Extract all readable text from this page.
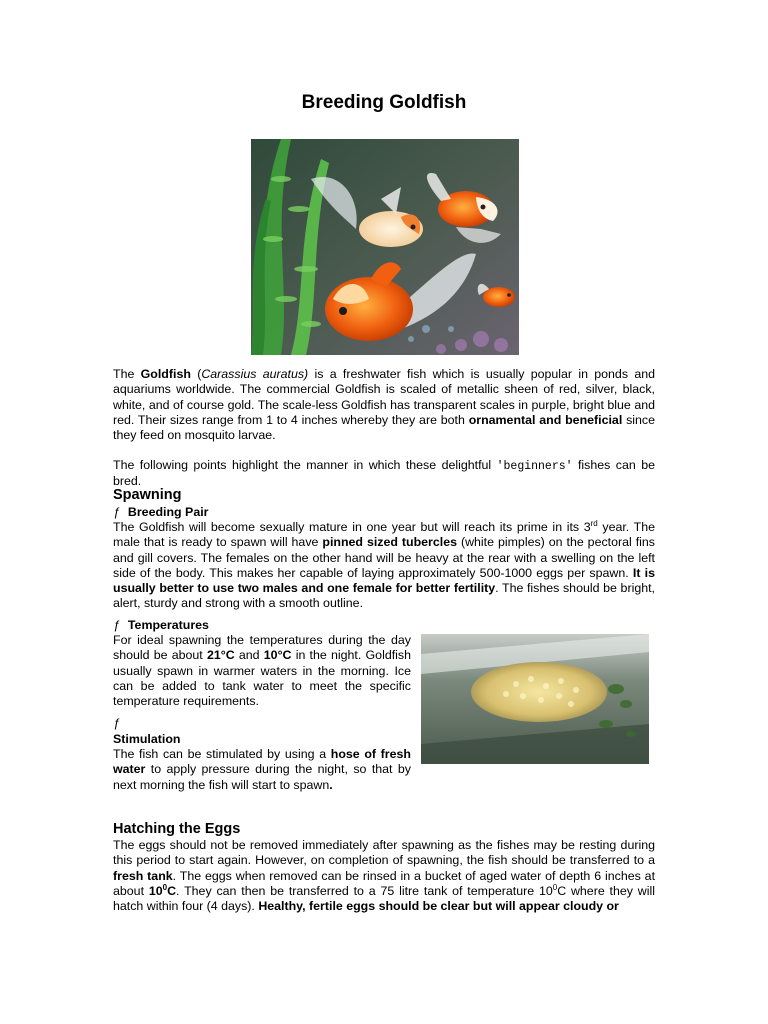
Breeding Goldfish
The Goldfish (Carassius auratus) is a freshwater fish which is usually popular in ponds and aquariums worldwide. The commercial Goldfish is scaled of metallic sheen of red, silver, black, white, and of course gold. The scale-less Goldfish has transparent scales in purple, bright blue and red. Their sizes range from 1 to 4 inches whereby they are both ornamental and beneficial since they feed on mosquito larvae.
The following points highlight the manner in which these delightful 'beginners' fishes can be bred.
Spawning
ƒ Breeding Pair
The Goldfish will become sexually mature in one year but will reach its prime in its 3rd year. The male that is ready to spawn will have pinned sized tubercles (white pimples) on the pectoral fins and gill covers. The females on the other hand will be heavy at the rear with a swelling on the left side of the body. This makes her capable of laying approximately 500-1000 eggs per spawn. It is usually better to use two males and one female for better fertility. The fishes should be bright, alert, sturdy and strong with a smooth outline.
ƒ Temperatures
For ideal spawning the temperatures during the day should be about 21°C and 10°C in the night. Goldfish usually spawn in warmer waters in the morning. Ice can be added to tank water to meet the specific temperature requirements.
ƒ
Stimulation
The fish can be stimulated by using a hose of fresh water to apply pressure during the night, so that by next morning the fish will start to spawn.
Hatching the Eggs
The eggs should not be removed immediately after spawning as the fishes may be resting during this period to start again. However, on completion of spawning, the fish should be transferred to a fresh tank. The eggs when removed can be rinsed in a bucket of aged water of depth 6 inches at about $10^0C$. They can then be transferred to a 75 litre tank of temperature $10^0C$ where they will hatch within four (4 days). Healthy, fertile eggs should be clear but will appear cloudy or
